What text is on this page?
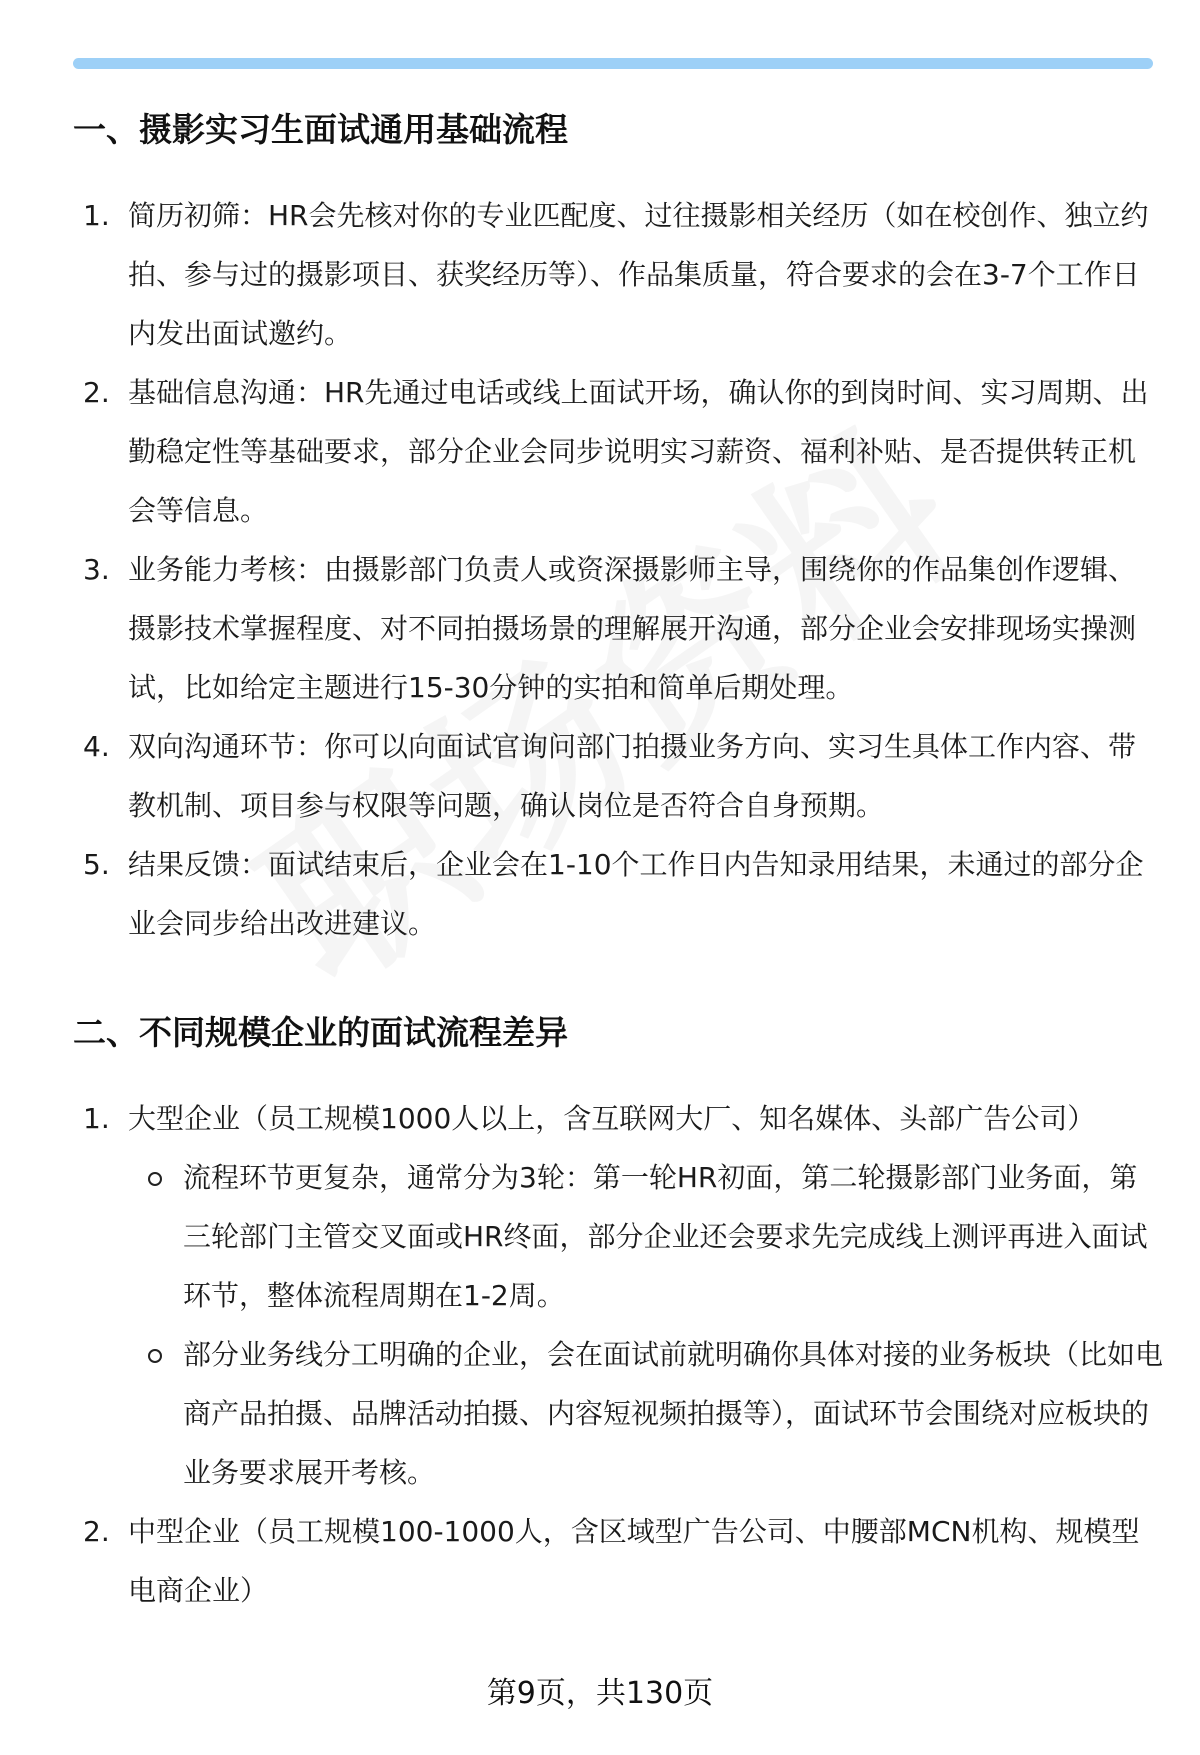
一、摄影实习生面试通用基础流程
1. 简历初筛：HR会先核对你的专业匹配度、过往摄影相关经历（如在校创作、独立约拍、参与过的摄影项目、获奖经历等）、作品集质量，符合要求的会在3-7个工作日内发出面试邀约。
2. 基础信息沟通：HR先通过电话或线上面试开场，确认你的到岗时间、实习周期、出勤稳定性等基础要求，部分企业会同步说明实习薪资、福利补贴、是否提供转正机会等信息。
3. 业务能力考核：由摄影部门负责人或资深摄影师主导，围绕你的作品集创作逻辑、摄影技术掌握程度、对不同拍摄场景的理解展开沟通，部分企业会安排现场实操测试，比如给定主题进行15-30分钟的实拍和简单后期处理。
4. 双向沟通环节：你可以向面试官询问部门拍摄业务方向、实习生具体工作内容、带教机制、项目参与权限等问题，确认岗位是否符合自身预期。
5. 结果反馈：面试结束后，企业会在1-10个工作日内告知录用结果，未通过的部分企业会同步给出改进建议。
二、不同规模企业的面试流程差异
1. 大型企业（员工规模1000人以上，含互联网大厂、知名媒体、头部广告公司）
流程环节更复杂，通常分为3轮：第一轮HR初面，第二轮摄影部门业务面，第三轮部门主管交叉面或HR终面，部分企业还会要求先完成线上测评再进入面试环节，整体流程周期在1-2周。
部分业务线分工明确的企业，会在面试前就明确你具体对接的业务板块（比如电商产品拍摄、品牌活动拍摄、内容短视频拍摄等），面试环节会围绕对应板块的业务要求展开考核。
2. 中型企业（员工规模100-1000人，含区域型广告公司、中腰部MCN机构、规模型电商企业）
第9页，共130页
